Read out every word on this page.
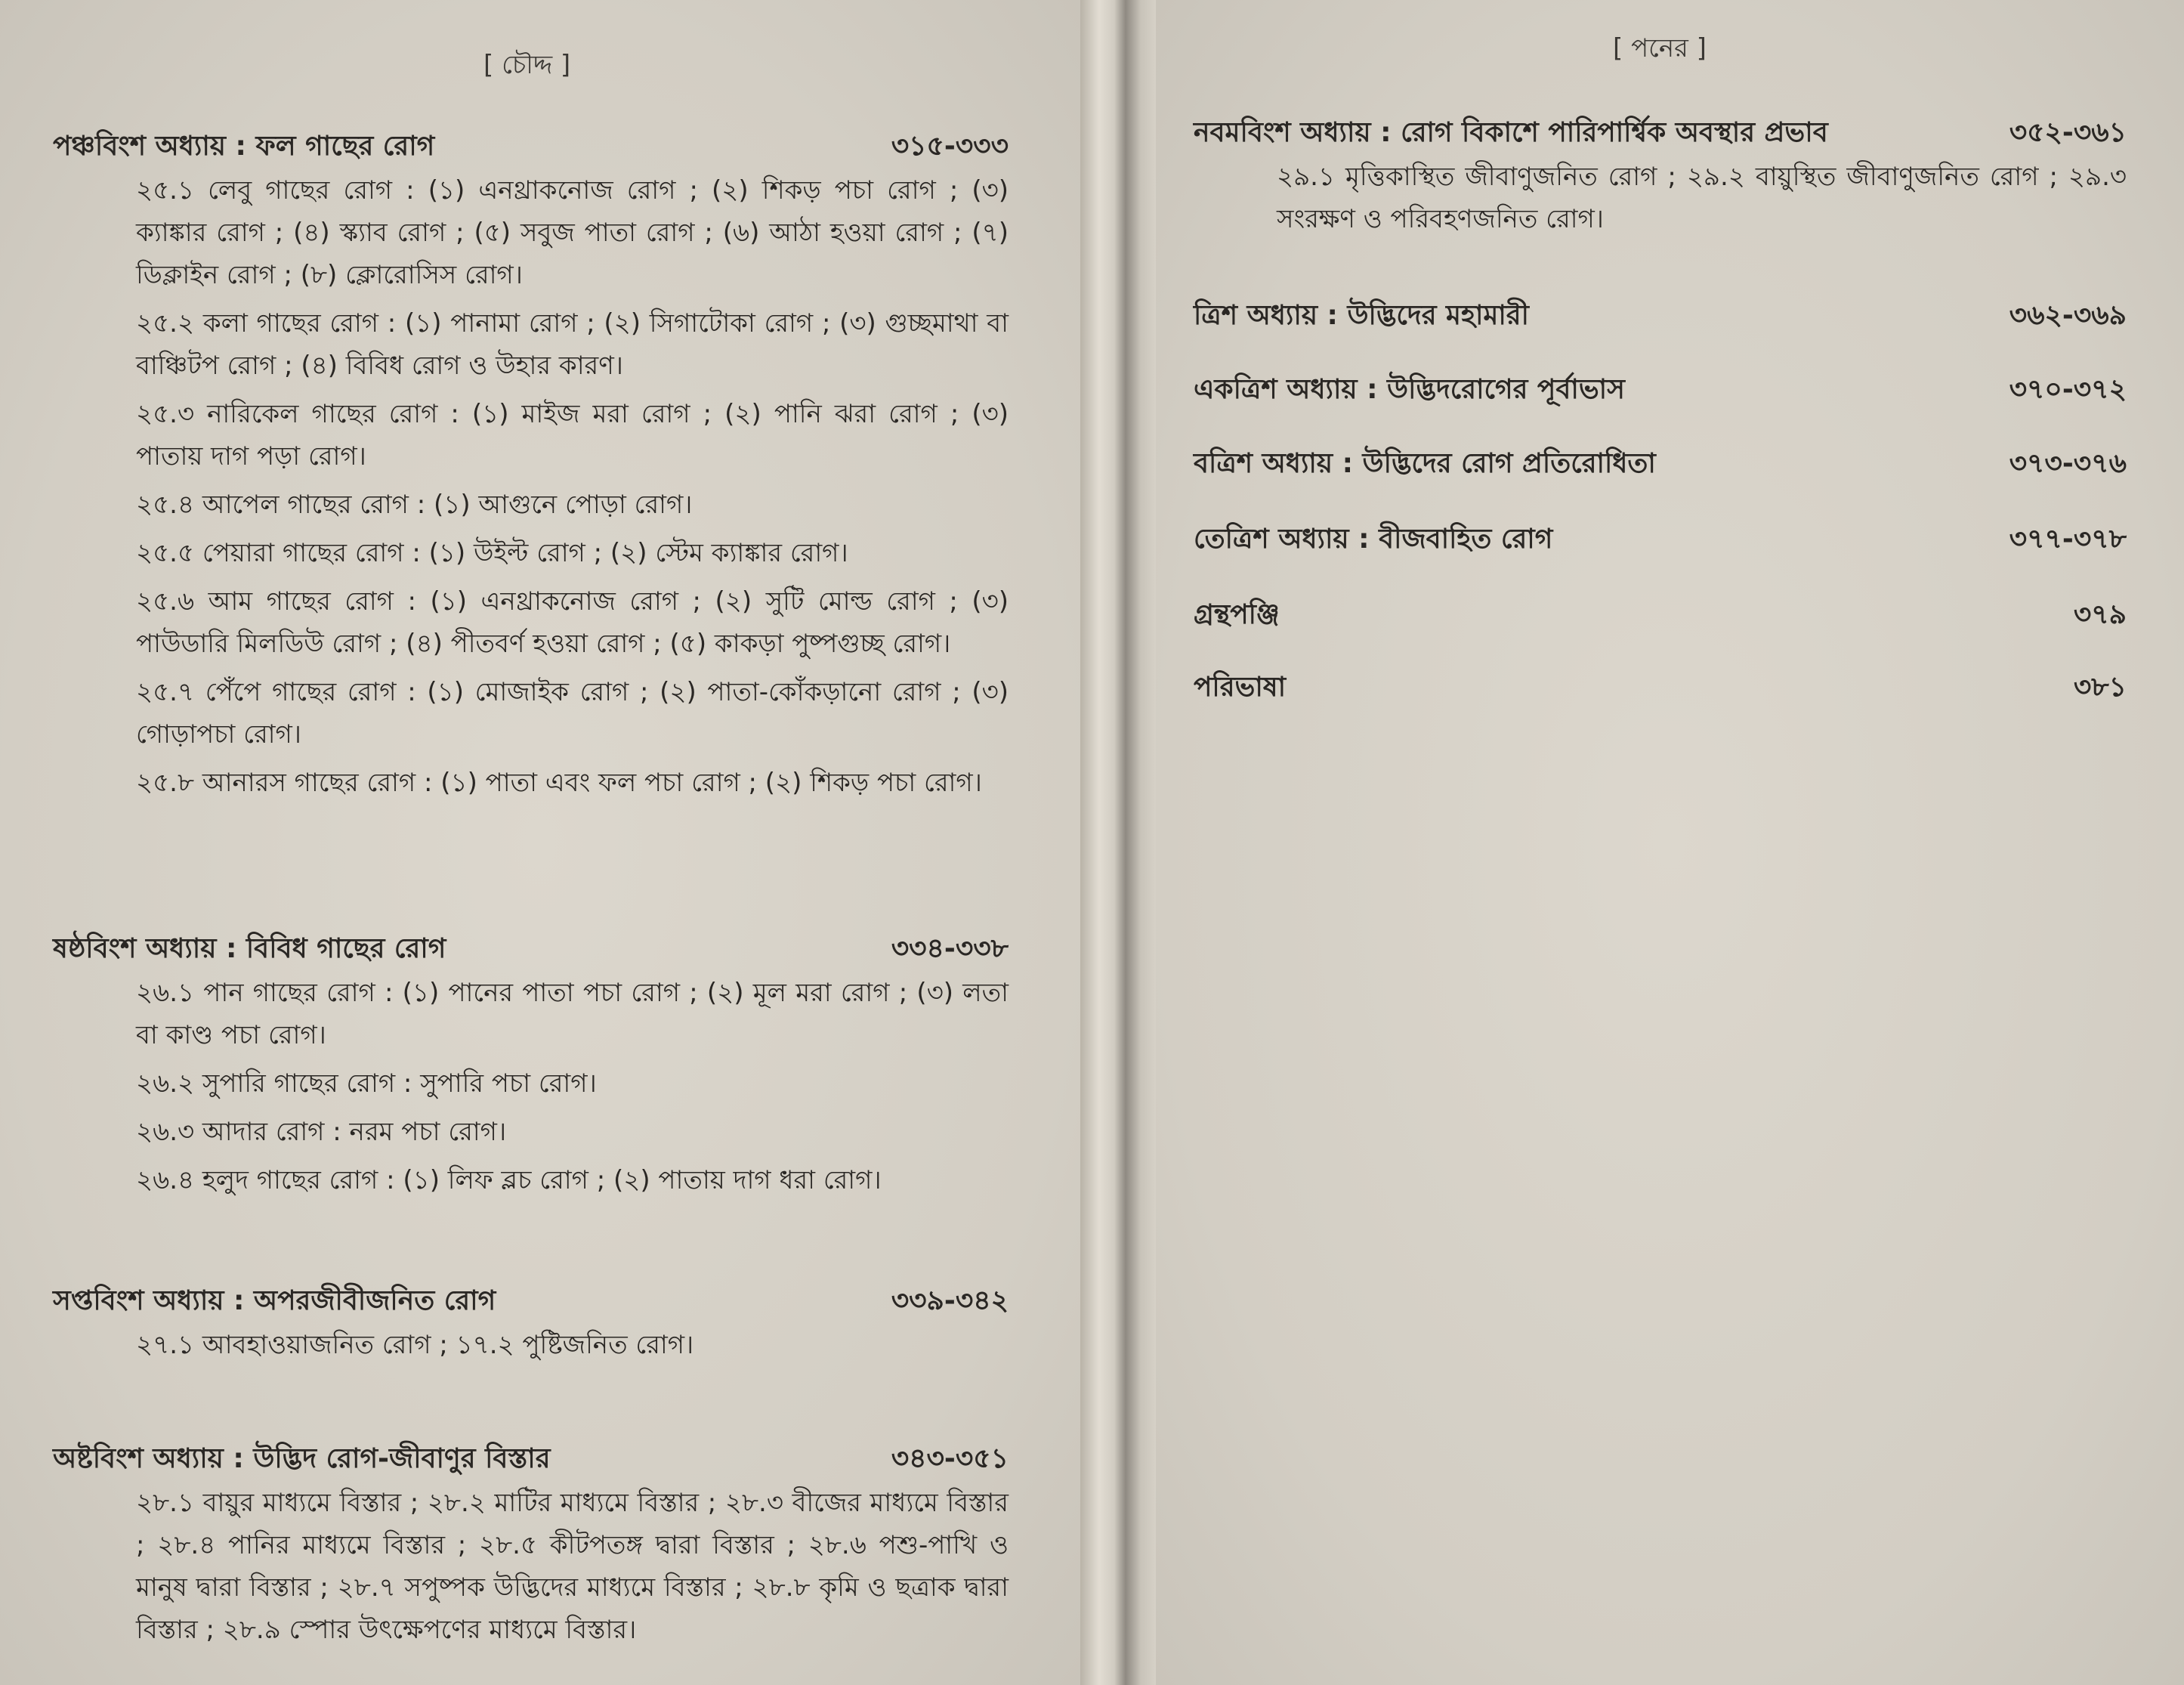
[ চৌদ্দ ]
পঞ্চবিংশ অধ্যায় : ফল গাছের রোগ	৩১৫-৩৩৩
২৫.১ লেবু গাছের রোগ : (১) এনথ্রাকনোজ রোগ ; (২) শিকড় পচা রোগ ; (৩) ক্যাঙ্কার রোগ ; (৪) স্ক্যাব রোগ ; (৫) সবুজ পাতা রোগ ; (৬) আঠা হওয়া রোগ ; (৭) ডিক্লাইন রোগ ; (৮) ক্লোরোসিস রোগ।
২৫.২ কলা গাছের রোগ : (১) পানামা রোগ ; (২) সিগাটোকা রোগ ; (৩) গুচ্ছমাথা বা বাঞ্চিটপ রোগ ; (৪) বিবিধ রোগ ও উহার কারণ।
২৫.৩ নারিকেল গাছের রোগ : (১) মাইজ মরা রোগ ; (২) পানি ঝরা রোগ ; (৩) পাতায় দাগ পড়া রোগ।
২৫.৪ আপেল গাছের রোগ : (১) আগুনে পোড়া রোগ।
২৫.৫ পেয়ারা গাছের রোগ : (১) উইল্ট রোগ ; (২) স্টেম ক্যাঙ্কার রোগ।
২৫.৬ আম গাছের রোগ : (১) এনথ্রাকনোজ রোগ ; (২) সুটি মোল্ড রোগ ; (৩) পাউডারি মিলডিউ রোগ ; (৪) পীতবর্ণ হওয়া রোগ ; (৫) কাকড়া পুষ্পগুচ্ছ রোগ।
২৫.৭ পেঁপে গাছের রোগ : (১) মোজাইক রোগ ; (২) পাতা-কোঁকড়ানো রোগ ; (৩) গোড়াপচা রোগ।
২৫.৮ আনারস গাছের রোগ : (১) পাতা এবং ফল পচা রোগ ; (২) শিকড় পচা রোগ।
ষষ্ঠবিংশ অধ্যায় : বিবিধ গাছের রোগ	৩৩৪-৩৩৮
২৬.১ পান গাছের রোগ : (১) পানের পাতা পচা রোগ ; (২) মূল মরা রোগ ; (৩) লতা বা কাণ্ড পচা রোগ।
২৬.২ সুপারি গাছের রোগ : সুপারি পচা রোগ।
২৬.৩ আদার রোগ : নরম পচা রোগ।
২৬.৪ হলুদ গাছের রোগ : (১) লিফ ব্লচ রোগ ; (২) পাতায় দাগ ধরা রোগ।
সপ্তবিংশ অধ্যায় : অপরজীবীজনিত রোগ	৩৩৯-৩৪২
২৭.১ আবহাওয়াজনিত রোগ ; ১৭.২ পুষ্টিজনিত রোগ।
অষ্টবিংশ অধ্যায় : উদ্ভিদ রোগ-জীবাণুর বিস্তার	৩৪৩-৩৫১
২৮.১ বায়ুর মাধ্যমে বিস্তার ; ২৮.২ মাটির মাধ্যমে বিস্তার ; ২৮.৩ বীজের মাধ্যমে বিস্তার ; ২৮.৪ পানির মাধ্যমে বিস্তার ; ২৮.৫ কীটপতঙ্গ দ্বারা বিস্তার ; ২৮.৬ পশু-পাখি ও মানুষ দ্বারা বিস্তার ; ২৮.৭ সপুষ্পক উদ্ভিদের মাধ্যমে বিস্তার ; ২৮.৮ কৃমি ও ছত্রাক দ্বারা বিস্তার ; ২৮.৯ স্পোর উৎক্ষেপণের মাধ্যমে বিস্তার।
[ পনের ]
নবমবিংশ অধ্যায় : রোগ বিকাশে পারিপার্শ্বিক অবস্থার প্রভাব	৩৫২-৩৬১
২৯.১ মৃত্তিকাস্থিত জীবাণুজনিত রোগ ; ২৯.২ বায়ুস্থিত জীবাণুজনিত রোগ ; ২৯.৩ সংরক্ষণ ও পরিবহণজনিত রোগ।
ত্রিশ অধ্যায় : উদ্ভিদের মহামারী	৩৬২-৩৬৯
একত্রিশ অধ্যায় : উদ্ভিদরোগের পূর্বাভাস	৩৭০-৩৭২
বত্রিশ অধ্যায় : উদ্ভিদের রোগ প্রতিরোধিতা	৩৭৩-৩৭৬
তেত্রিশ অধ্যায় : বীজবাহিত রোগ	৩৭৭-৩৭৮
গ্রন্থপঞ্জি	৩৭৯
পরিভাষা	৩৮১
